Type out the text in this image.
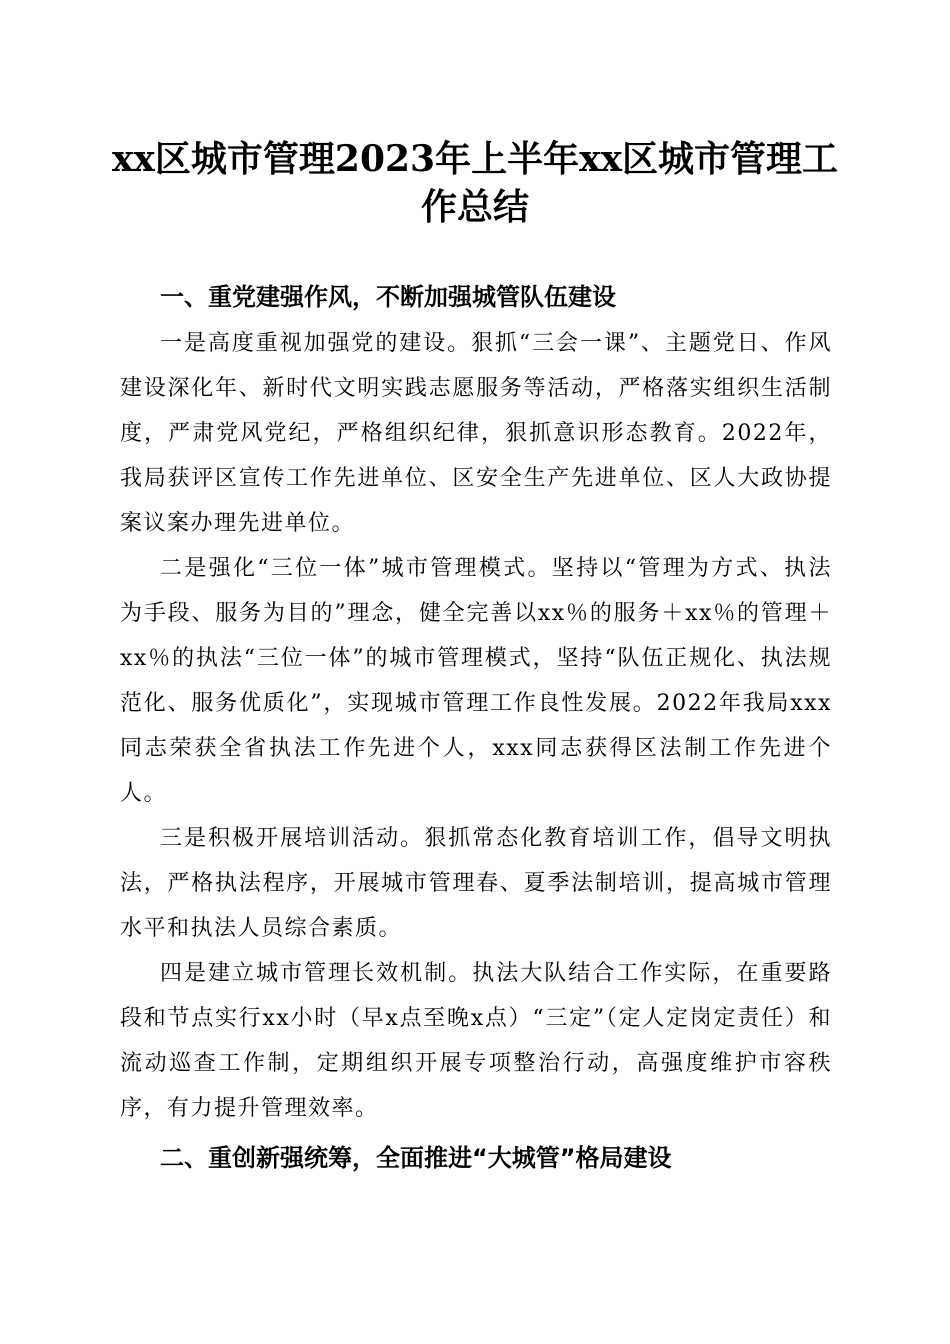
xx区城市管理2023年上半年xx区城市管理工作总结

一、重党建强作风，不断加强城管队伍建设

一是高度重视加强党的建设。狠抓“三会一课”、主题党日、作风建设深化年、新时代文明实践志愿服务等活动，严格落实组织生活制度，严肃党风党纪，严格组织纪律，狠抓意识形态教育。2022年，我局获评区宣传工作先进单位、区安全生产先进单位、区人大政协提案议案办理先进单位。

二是强化“三位一体”城市管理模式。坚持以“管理为方式、执法为手段、服务为目的”理念，健全完善以xx％的服务＋xx％的管理＋xx％的执法“三位一体”的城市管理模式，坚持“队伍正规化、执法规范化、服务优质化”，实现城市管理工作良性发展。2022年我局xxx同志荣获全省执法工作先进个人，xxx同志获得区法制工作先进个人。

三是积极开展培训活动。狠抓常态化教育培训工作，倡导文明执法，严格执法程序，开展城市管理春、夏季法制培训，提高城市管理水平和执法人员综合素质。

四是建立城市管理长效机制。执法大队结合工作实际，在重要路段和节点实行xx小时（早x点至晚x点）“三定”（定人定岗定责任）和流动巡查工作制，定期组织开展专项整治行动，高强度维护市容秩序，有力提升管理效率。

二、重创新强统筹，全面推进“大城管”格局建设
